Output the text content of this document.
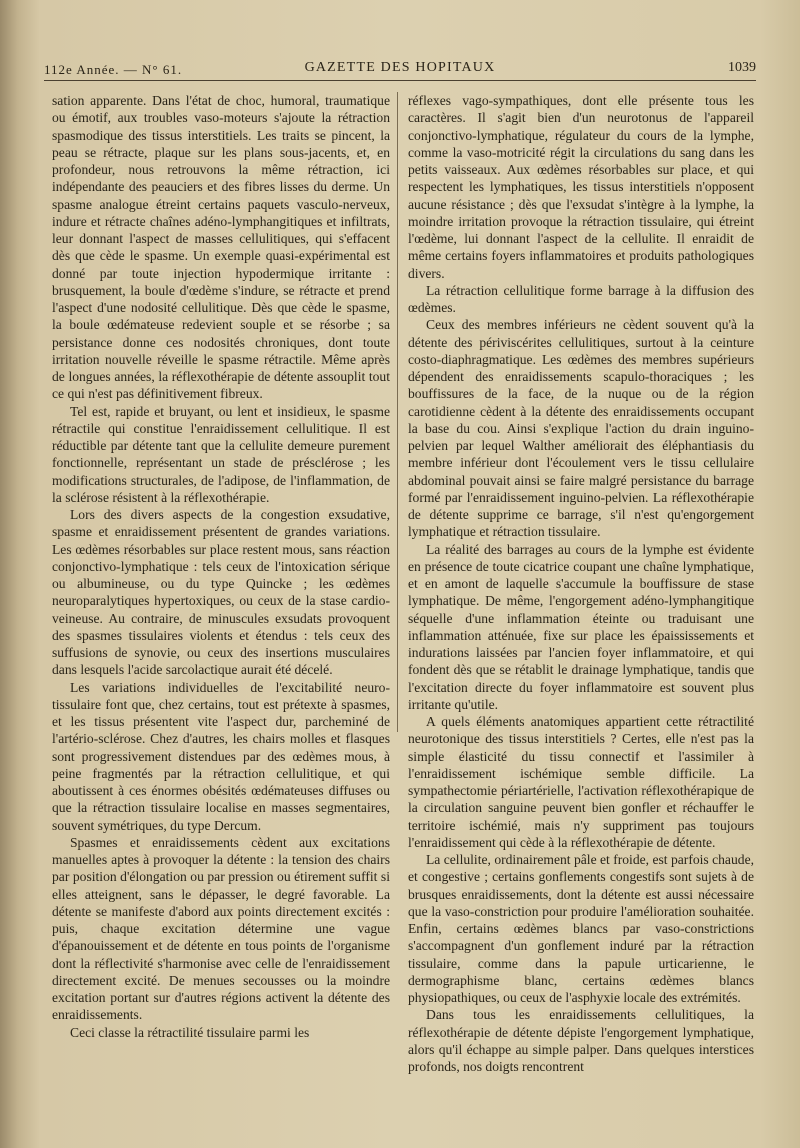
112e Année. — N° 61.	GAZETTE DES HOPITAUX	1039

sation apparente. Dans l'état de choc, humoral, traumatique ou émotif, aux troubles vaso-moteurs s'ajoute la rétraction spasmodique des tissus interstitiels. Les traits se pincent, la peau se rétracte, plaque sur les plans sous-jacents, et, en profondeur, nous retrouvons la même rétraction, ici indépendante des peauciers et des fibres lisses du derme. Un spasme analogue étreint certains paquets vasculo-nerveux, indure et rétracte chaînes adéno-lymphangitiques et infiltrats, leur donnant l'aspect de masses cellulitiques, qui s'effacent dès que cède le spasme. Un exemple quasi-expérimental est donné par toute injection hypodermique irritante : brusquement, la boule d'œdème s'indure, se rétracte et prend l'aspect d'une nodosité cellulitique. Dès que cède le spasme, la boule œdémateuse redevient souple et se résorbe ; sa persistance donne ces nodosités chroniques, dont toute irritation nouvelle réveille le spasme rétractile. Même après de longues années, la réflexothérapie de détente assouplit tout ce qui n'est pas définitivement fibreux.

Tel est, rapide et bruyant, ou lent et insidieux, le spasme rétractile qui constitue l'enraidissement cellulitique. Il est réductible par détente tant que la cellulite demeure purement fonctionnelle, représentant un stade de présclérose ; les modifications structurales, de l'adipose, de l'inflammation, de la sclérose résistent à la réflexothérapie.

Lors des divers aspects de la congestion exsudative, spasme et enraidissement présentent de grandes variations. Les œdèmes résorbables sur place restent mous, sans réaction conjonctivo-lymphatique : tels ceux de l'intoxication sérique ou albumineuse, ou du type Quincke ; les œdèmes neuroparalytiques hypertoxiques, ou ceux de la stase cardio-veineuse. Au contraire, de minuscules exsudats provoquent des spasmes tissulaires violents et étendus : tels ceux des suffusions de synovie, ou ceux des insertions musculaires dans lesquels l'acide sarcolactique aurait été décelé.

Les variations individuelles de l'excitabilité neuro-tissulaire font que, chez certains, tout est prétexte à spasmes, et les tissus présentent vite l'aspect dur, parcheminé de l'artério-sclérose. Chez d'autres, les chairs molles et flasques sont progressivement distendues par des œdèmes mous, à peine fragmentés par la rétraction cellulitique, et qui aboutissent à ces énormes obésités œdémateuses diffuses ou que la rétraction tissulaire localise en masses segmentaires, souvent symétriques, du type Dercum.

Spasmes et enraidissements cèdent aux excitations manuelles aptes à provoquer la détente : la tension des chairs par position d'élongation ou par pression ou étirement suffit si elles atteignent, sans le dépasser, le degré favorable. La détente se manifeste d'abord aux points directement excités : puis, chaque excitation détermine une vague d'épanouissement et de détente en tous points de l'organisme dont la réflectivité s'harmonise avec celle de l'enraidissement directement excité. De menues secousses ou la moindre excitation portant sur d'autres régions activent la détente des enraidissements.

Ceci classe la rétractilité tissulaire parmi les

réflexes vago-sympathiques, dont elle présente tous les caractères. Il s'agit bien d'un neurotonus de l'appareil conjonctivo-lymphatique, régulateur du cours de la lymphe, comme la vaso-motricité régit la circulations du sang dans les petits vaisseaux. Aux œdèmes résorbables sur place, et qui respectent les lymphatiques, les tissus interstitiels n'opposent aucune résistance ; dès que l'exsudat s'intègre à la lymphe, la moindre irritation provoque la rétraction tissulaire, qui étreint l'œdème, lui donnant l'aspect de la cellulite. Il enraidit de même certains foyers inflammatoires et produits pathologiques divers.

La rétraction cellulitique forme barrage à la diffusion des œdèmes.

Ceux des membres inférieurs ne cèdent souvent qu'à la détente des périviscérites cellulitiques, surtout à la ceinture costo-diaphragmatique. Les œdèmes des membres supérieurs dépendent des enraidissements scapulo-thoraciques ; les bouffissures de la face, de la nuque ou de la région carotidienne cèdent à la détente des enraidissements occupant la base du cou. Ainsi s'explique l'action du drain inguino-pelvien par lequel Walther améliorait des éléphantiasis du membre inférieur dont l'écoulement vers le tissu cellulaire abdominal pouvait ainsi se faire malgré persistance du barrage formé par l'enraidissement inguino-pelvien. La réflexothérapie de détente supprime ce barrage, s'il n'est qu'engorgement lymphatique et rétraction tissulaire.

La réalité des barrages au cours de la lymphe est évidente en présence de toute cicatrice coupant une chaîne lymphatique, et en amont de laquelle s'accumule la bouffissure de stase lymphatique. De même, l'engorgement adéno-lymphangitique séquelle d'une inflammation éteinte ou traduisant une inflammation atténuée, fixe sur place les épaississements et indurations laissées par l'ancien foyer inflammatoire, et qui fondent dès que se rétablit le drainage lymphatique, tandis que l'excitation directe du foyer inflammatoire est souvent plus irritante qu'utile.

A quels éléments anatomiques appartient cette rétractilité neurotonique des tissus interstitiels ? Certes, elle n'est pas la simple élasticité du tissu connectif et l'assimiler à l'enraidissement ischémique semble difficile. La sympathectomie périartérielle, l'activation réflexothérapique de la circulation sanguine peuvent bien gonfler et réchauffer le territoire ischémié, mais n'y suppriment pas toujours l'enraidissement qui cède à la réflexothérapie de détente.

La cellulite, ordinairement pâle et froide, est parfois chaude, et congestive ; certains gonflements congestifs sont sujets à de brusques enraidissements, dont la détente est aussi nécessaire que la vaso-constriction pour produire l'amélioration souhaitée. Enfin, certains œdèmes blancs par vaso-constrictions s'accompagnent d'un gonflement induré par la rétraction tissulaire, comme dans la papule urticarienne, le dermographisme blanc, certains œdèmes blancs physiopathiques, ou ceux de l'asphyxie locale des extrémités.

Dans tous les enraidissements cellulitiques, la réflexothérapie de détente dépiste l'engorgement lymphatique, alors qu'il échappe au simple palper. Dans quelques interstices profonds, nos doigts rencontrent
